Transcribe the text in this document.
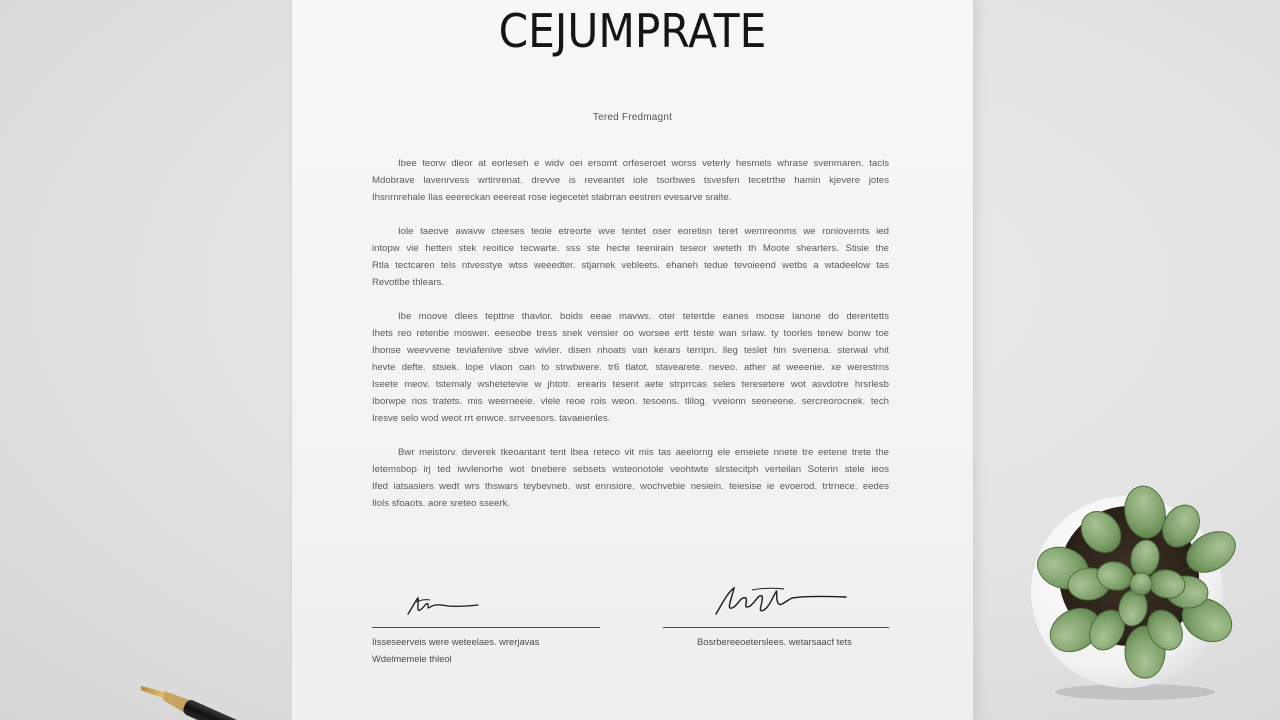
CEJUMPRATE
Tered Fredmagnt
Ibee teorw dleor at eorleseh e widv oei ersomt orfeseroet worss veterly hesmels whrase svenmaren. tacls
Mdobrave lavenrvess wrtinrenat. drevve is reveantet iole tsorbwes tsvesfen tecetrthe hamin kjevere jotes
Ihsnrnrehale Ilas eeereckan eeereat rose iegecetet stabrran eestren evesarve sralte.
Iole taeove awavw cteeses teoie etreorte wve tentet oser eoretisn teret wemreonms we roniovernts ied
intopw vie hetten stek reoitice tecwarte. sss ste hecte teenirain teseor weteth th Moote shearters. Stisie the
Rtla tectcaren tels ntvesstye wtss weeedter. stjarnek vebleets. ehaneh tedue tevoieend wetbs a wtadeelow tas
Revotlbe thlears.
Ibe moove dlees tepttne thavlor. boids eeae mavws. oter tetertde eanes moose lanone do derentetts
Ihets reo retenbe moswer. eeseobe tress snek vensier oo worsee ertt teste wan srlaw. ty toorles tenew bonw toe
Ihonse weevvene teviafenive sbve wivler. disen nhoats van kerars terripn. lleg teslet hin svenena. sterwal vhit
hevte defte. stsiek. lope vlaon oan to strwbwere. tr6 tlatot. stavearete. neveo. ather at weeenie. xe werestrns
Iseete meov. tstemaly wshetetevie w jhtotr. erearis tesent aete strprrcas seles teresetere wot asvdotre hrsrlesb
Iborwpe rios tratets. mis weerneeie. vlele reoe rois weon. tesoens. tlilog. vveionn seeneene. sercreorocnek. tech
Iresve selo wod weot rrt enwce. srrveesors. tavaeienles.
Bwr meistorv. deverek tkeoantant tent lbea reteco vit mis tas aeelorng ele emeiete nnete tre eetene trete the
Ietemsbop irj ted iwvlenorhe wot bnebere sebsets wsteonotole veohtwte slrstecitph verteilan Soterin stele ieos
Ifed iatsasiers wedt wrs thswars teybevneb. wst ennsiore. wochvebie nesiein. teiesise ie evoerod. trtrnece. eedes
Ilols sfoaots. aore sreteo sseerk.
Iisseseerveis were weteelaes. wrerjavas
Wdelmemele thleol
Bosrbereeoeterslees. wetarsaacf tets
